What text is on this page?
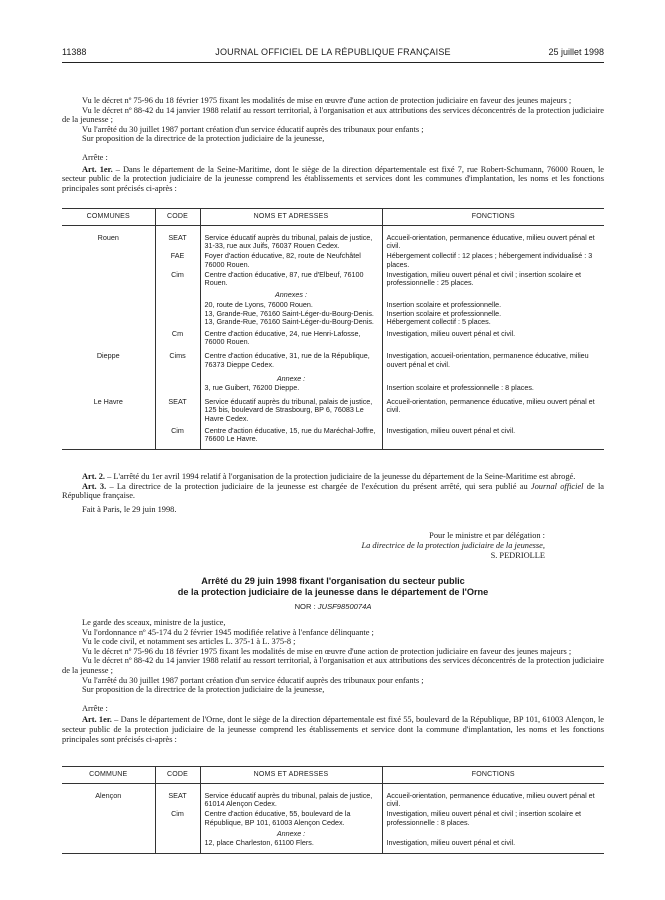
11388	JOURNAL OFFICIEL DE LA RÉPUBLIQUE FRANÇAISE	25 juillet 1998

Vu le décret nº 75-96 du 18 février 1975 fixant les modalités de mise en œuvre d'une action de protection judiciaire en faveur des jeunes majeurs ;

Vu le décret nº 88-42 du 14 janvier 1988 relatif au ressort territorial, à l'organisation et aux attributions des services déconcentrés de la protection judiciaire de la jeunesse ;

Vu l'arrêté du 30 juillet 1987 portant création d'un service éducatif auprès des tribunaux pour enfants ;

Sur proposition de la directrice de la protection judiciaire de la jeunesse,

Arrête :

Art. 1er. – Dans le département de la Seine-Maritime, dont le siège de la direction départementale est fixé 7, rue Robert-Schumann, 76000 Rouen, le secteur public de la protection judiciaire de la jeunesse comprend les établissements et services dont les communes d'implantation, les noms et les fonctions principales sont précisés ci-après :

COMMUNES	CODE	NOMS ET ADRESSES	FONCTIONS
Rouen	SEAT	Service éducatif auprès du tribunal, palais de justice, 31-33, rue aux Juifs, 76037 Rouen Cedex.	Accueil-orientation, permanence éducative, milieu ouvert pénal et civil.
	FAE	Foyer d'action éducative, 82, route de Neufchâtel 76000 Rouen.	Hébergement collectif : 12 places ; hébergement individualisé : 3 places.
	Cim	Centre d'action éducative, 87, rue d'Elbeuf, 76100 Rouen.	Investigation, milieu ouvert pénal et civil ; insertion scolaire et professionnelle : 25 places.
		Annexes :	
		20, route de Lyons, 76000 Rouen.	Insertion scolaire et professionnelle.
		13, Grande-Rue, 76160 Saint-Léger-du-Bourg-Denis.	Insertion scolaire et professionnelle.
		13, Grande-Rue, 76160 Saint-Léger-du-Bourg-Denis.	Hébergement collectif : 5 places.
	Cm	Centre d'action éducative, 24, rue Henri-Lafosse, 76000 Rouen.	Investigation, milieu ouvert pénal et civil.
Dieppe	Cims	Centre d'action éducative, 31, rue de la République, 76373 Dieppe Cedex.	Investigation, accueil-orientation, permanence éducative, milieu ouvert pénal et civil.
		Annexe :	
		3, rue Guibert, 76200 Dieppe.	Insertion scolaire et professionnelle : 8 places.
Le Havre	SEAT	Service éducatif auprès du tribunal, palais de justice, 125 bis, boulevard de Strasbourg, BP 6, 76083 Le Havre Cedex.	Accueil-orientation, permanence éducative, milieu ouvert pénal et civil.
	Cim	Centre d'action éducative, 15, rue du Maréchal-Joffre, 76600 Le Havre.	Investigation, milieu ouvert pénal et civil.

Art. 2. – L'arrêté du 1er avril 1994 relatif à l'organisation de la protection judiciaire de la jeunesse du département de la Seine-Maritime est abrogé.

Art. 3. – La directrice de la protection judiciaire de la jeunesse est chargée de l'exécution du présent arrêté, qui sera publié au Journal officiel de la République française.

Fait à Paris, le 29 juin 1998.

Pour le ministre et par délégation :
La directrice de la protection judiciaire de la jeunesse,
S. PEDRIOLLE
Arrêté du 29 juin 1998 fixant l'organisation du secteur public
de la protection judiciaire de la jeunesse dans le département de l'Orne
NOR : JUSF9850074A

Le garde des sceaux, ministre de la justice,

Vu l'ordonnance nº 45-174 du 2 février 1945 modifiée relative à l'enfance délinquante ;

Vu le code civil, et notamment ses articles L. 375-1 à L. 375-8 ;

Vu le décret nº 75-96 du 18 février 1975 fixant les modalités de mise en œuvre d'une action de protection judiciaire en faveur des jeunes majeurs ;

Vu le décret nº 88-42 du 14 janvier 1988 relatif au ressort territorial, à l'organisation et aux attributions des services déconcentrés de la protection judiciaire de la jeunesse ;

Vu l'arrêté du 30 juillet 1987 portant création d'un service éducatif auprès des tribunaux pour enfants ;

Sur proposition de la directrice de la protection judiciaire de la jeunesse,

Arrête :

Art. 1er. – Dans le département de l'Orne, dont le siège de la direction départementale est fixé 55, boulevard de la République, BP 101, 61003 Alençon, le secteur public de la protection judiciaire de la jeunesse comprend les établissements et service dont la commune d'implantation, les noms et les fonctions principales sont précisés ci-après :

COMMUNE	CODE	NOMS ET ADRESSES	FONCTIONS
Alençon	SEAT	Service éducatif auprès du tribunal, palais de justice, 61014 Alençon Cedex.	Accueil-orientation, permanence éducative, milieu ouvert pénal et civil.
	Cim	Centre d'action éducative, 55, boulevard de la République, BP 101, 61003 Alençon Cedex.	Investigation, milieu ouvert pénal et civil ; insertion scolaire et professionnelle : 8 places.
		Annexe :	
		12, place Charleston, 61100 Flers.	Investigation, milieu ouvert pénal et civil.
